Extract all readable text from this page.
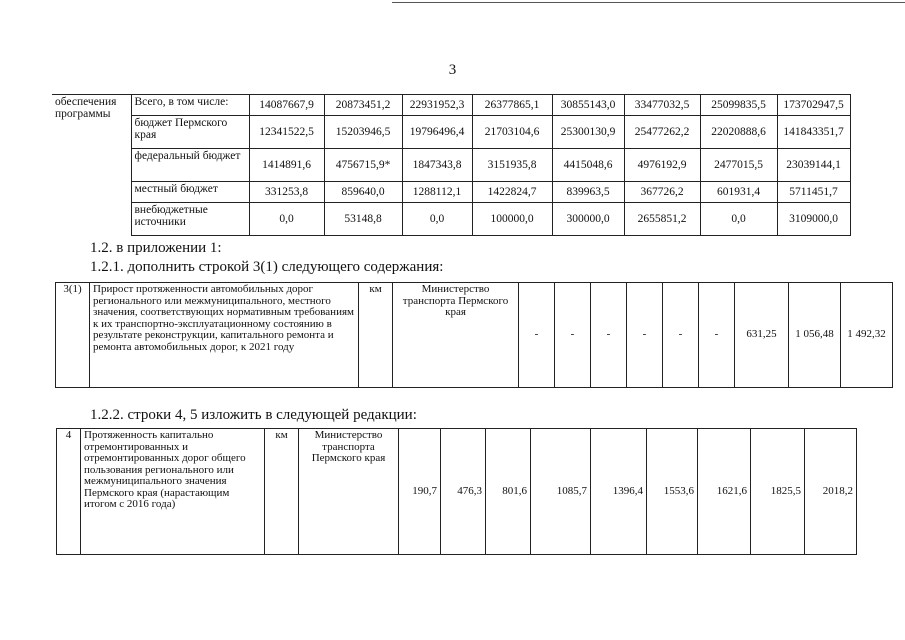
3
обеспечения
программы	Всего, в том числе:	14087667,9	20873451,2	22931952,3	26377865,1	30855143,0	33477032,5	25099835,5	173702947,5
	бюджет Пермского края	12341522,5	15203946,5	19796496,4	21703104,6	25300130,9	25477262,2	22020888,6	141843351,7
	федеральный бюджет	1414891,6	4756715,9*	1847343,8	3151935,8	4415048,6	4976192,9	2477015,5	23039144,1
	местный бюджет	331253,8	859640,0	1288112,1	1422824,7	839963,5	367726,2	601931,4	5711451,7
	внебюджетные источники	0,0	53148,8	0,0	100000,0	300000,0	2655851,2	0,0	3109000,0
1.2. в приложении 1:
1.2.1. дополнить строкой 3(1) следующего содержания:
3(1)	Прирост протяженности автомобильных дорог регионального или межмуниципального, местного значения, соответствующих нормативным требованиям к их транспортно-эксплуатационному состоянию в результате реконструкции, капитального ремонта и ремонта автомобильных дорог, к 2021 году	км	Министерство транспорта Пермского края	-	-	-	-	-	-	631,25	1 056,48	1 492,32
1.2.2. строки 4, 5 изложить в следующей редакции:
4	Протяженность капитально отремонтированных и отремонтированных дорог общего пользования регионального или межмуниципального значения Пермского края (нарастающим итогом с 2016 года)	км	Министерство транспорта Пермского края	190,7	476,3	801,6	1085,7	1396,4	1553,6	1621,6	1825,5	2018,2
